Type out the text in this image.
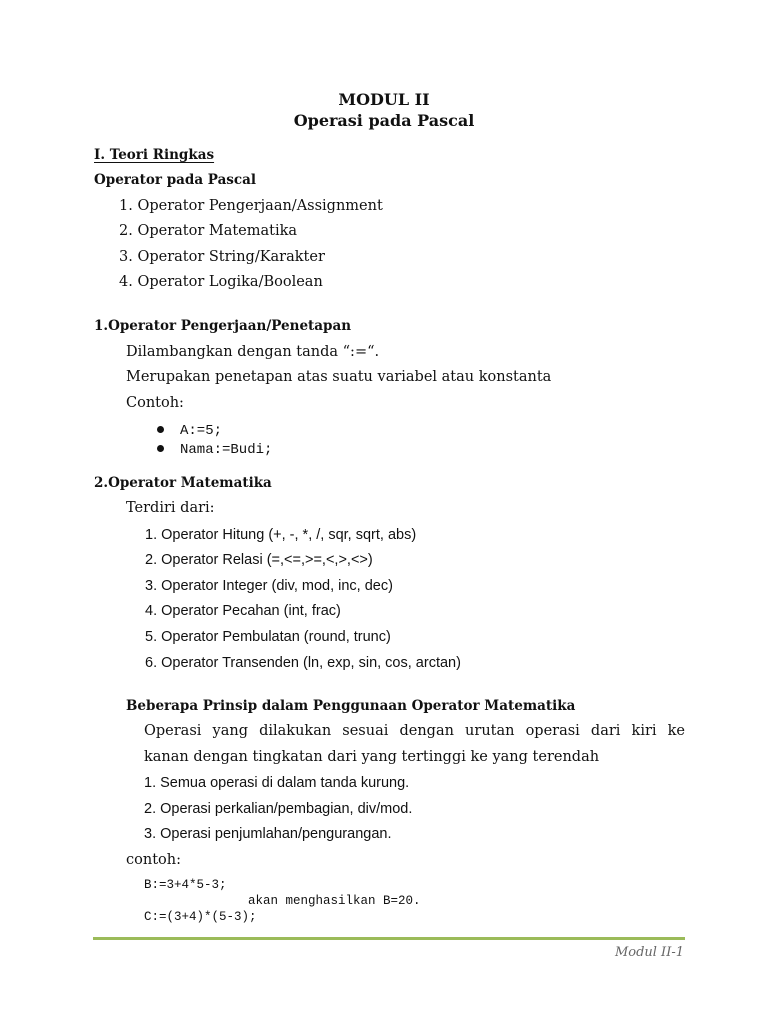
MODUL II
Operasi pada Pascal
I. Teori Ringkas
Operator pada Pascal
1. Operator Pengerjaan/Assignment
2. Operator Matematika
3. Operator String/Karakter
4. Operator Logika/Boolean
1.Operator Pengerjaan/Penetapan
Dilambangkan dengan tanda “:=“.
Merupakan penetapan atas suatu variabel atau konstanta
Contoh:
A:=5;
Nama:=Budi;
2.Operator Matematika
Terdiri dari:
1. Operator Hitung (+, -, *, /, sqr, sqrt, abs)
2. Operator Relasi (=,<=,>=,<,>,<>)
3. Operator Integer (div, mod, inc, dec)
4. Operator Pecahan (int, frac)
5. Operator Pembulatan (round, trunc)
6. Operator Transenden (ln, exp, sin, cos, arctan)
Beberapa Prinsip dalam Penggunaan Operator Matematika
Operasi yang dilakukan sesuai dengan urutan operasi dari kiri ke
kanan dengan tingkatan dari yang tertinggi ke yang terendah
1. Semua operasi di dalam tanda kurung.
2. Operasi perkalian/pembagian, div/mod.
3. Operasi penjumlahan/pengurangan.
contoh:
B:=3+4*5-3;
akan menghasilkan B=20.
C:=(3+4)*(5-3);
Modul II-1
